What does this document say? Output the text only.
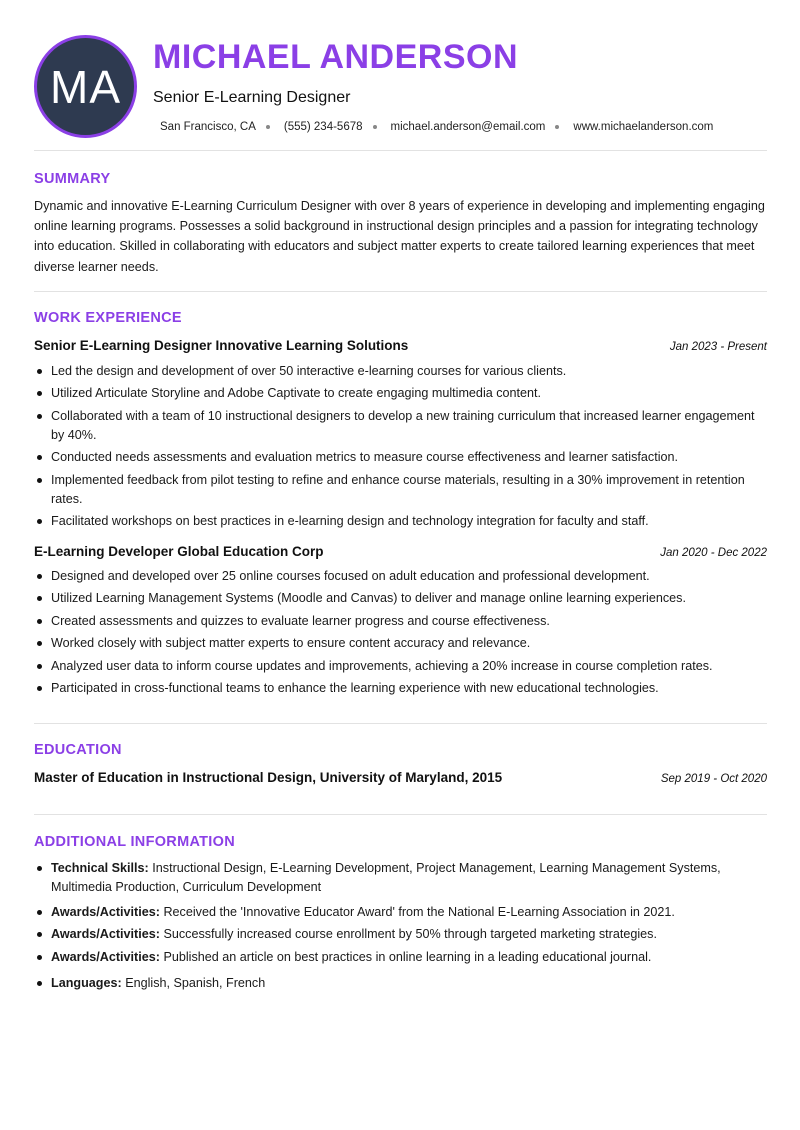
MA
MICHAEL ANDERSON
Senior E-Learning Designer
San Francisco, CA (555) 234-5678 michael.anderson@email.com www.michaelanderson.com
SUMMARY
Dynamic and innovative E-Learning Curriculum Designer with over 8 years of experience in developing and implementing engaging online learning programs. Possesses a solid background in instructional design principles and a passion for integrating technology into education. Skilled in collaborating with educators and subject matter experts to create tailored learning experiences that meet diverse learner needs.
WORK EXPERIENCE
Senior E-Learning Designer Innovative Learning Solutions	Jan 2023 - Present
Led the design and development of over 50 interactive e-learning courses for various clients.
Utilized Articulate Storyline and Adobe Captivate to create engaging multimedia content.
Collaborated with a team of 10 instructional designers to develop a new training curriculum that increased learner engagement by 40%.
Conducted needs assessments and evaluation metrics to measure course effectiveness and learner satisfaction.
Implemented feedback from pilot testing to refine and enhance course materials, resulting in a 30% improvement in retention rates.
Facilitated workshops on best practices in e-learning design and technology integration for faculty and staff.
E-Learning Developer Global Education Corp	Jan 2020 - Dec 2022
Designed and developed over 25 online courses focused on adult education and professional development.
Utilized Learning Management Systems (Moodle and Canvas) to deliver and manage online learning experiences.
Created assessments and quizzes to evaluate learner progress and course effectiveness.
Worked closely with subject matter experts to ensure content accuracy and relevance.
Analyzed user data to inform course updates and improvements, achieving a 20% increase in course completion rates.
Participated in cross-functional teams to enhance the learning experience with new educational technologies.
EDUCATION
Master of Education in Instructional Design, University of Maryland, 2015	Sep 2019 - Oct 2020
ADDITIONAL INFORMATION
Technical Skills: Instructional Design, E-Learning Development, Project Management, Learning Management Systems, Multimedia Production, Curriculum Development
Awards/Activities: Received the 'Innovative Educator Award' from the National E-Learning Association in 2021.
Awards/Activities: Successfully increased course enrollment by 50% through targeted marketing strategies.
Awards/Activities: Published an article on best practices in online learning in a leading educational journal.
Languages: English, Spanish, French
